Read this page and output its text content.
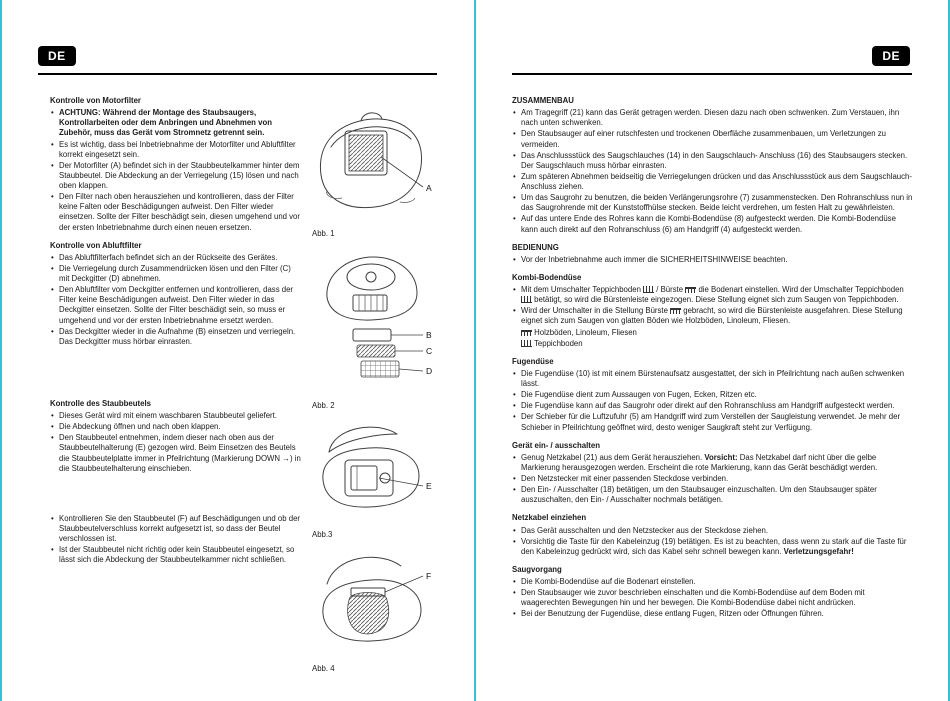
DE
Kontrolle von Motorfilter
• ACHTUNG: Während der Montage des Staubsaugers, Kontrollarbeiten oder dem Anbringen und Abnehmen von Zubehör, muss das Gerät vom Stromnetz getrennt sein.
• Es ist wichtig, dass bei Inbetriebnahme der Motorfilter und Abluftfilter korrekt eingesetzt sein.
• Der Motorfilter (A) befindet sich in der Staubbeutelkammer hinter dem Staubbeutel. Die Abdeckung an der Verriegelung (15) lösen und nach oben klappen.
• Den Filter nach oben herausziehen und kontrollieren, dass der Filter keine Falten oder Beschädigungen aufweist. Den Filter wieder einsetzen. Sollte der Filter beschädigt sein, diesen umgehend und vor der ersten Inbetriebnahme durch einen neuen ersetzen.
Kontrolle von Abluftfilter
• Das Abluftfilterfach befindet sich an der Rückseite des Gerätes.
• Die Verriegelung durch Zusammendrücken lösen und den Filter (C) mit Deckgitter (D) abnehmen.
• Den Abluftfilter vom Deckgitter entfernen und kontrollieren, dass der Filter keine Beschädigungen aufweist. Den Filter wieder in das Deckgitter einsetzen. Sollte der Filter beschädigt sein, so muss er umgehend und vor der ersten Inbetriebnahme ersetzt werden.
• Das Deckgitter wieder in die Aufnahme (B) einsetzen und verriegeln. Das Deckgitter muss hörbar einrasten.
Kontrolle des Staubbeutels
• Dieses Gerät wird mit einem waschbaren Staubbeutel geliefert.
• Die Abdeckung öffnen und nach oben klappen.
• Den Staubbeutel entnehmen, indem dieser nach oben aus der Staubbeutelhalterung (E) gezogen wird. Beim Einsetzen des Beutels die Staubbeutelplatte immer in Pfeilrichtung (Markierung DOWN →) in die Staubbeutelhalterung einschieben.
• Kontrollieren Sie den Staubbeutel (F) auf Beschädigungen und ob der Staubbeutelverschluss korrekt aufgesetzt ist, so dass der Beutel verschlossen ist.
• Ist der Staubbeutel nicht richtig oder kein Staubbeutel eingesetzt, so lässt sich die Abdeckung der Staubbeutelkammer nicht schließen.
A
Abb. 1
B
C
D
Abb. 2
E
Abb.3
F
Abb. 4
DE
ZUSAMMENBAU
• Am Tragegriff (21) kann das Gerät getragen werden. Diesen dazu nach oben schwenken. Zum Verstauen, ihn nach unten schwenken.
• Den Staubsauger auf einer rutschfesten und trockenen Oberfläche zusammenbauen, um Verletzungen zu vermeiden.
• Das Anschlussstück des Saugschlauches (14) in den Saugschlauch- Anschluss (16) des Staubsaugers stecken. Der Saugschlauch muss hörbar einrasten.
• Zum späteren Abnehmen beidseitig die Verriegelungen drücken und das Anschlussstück aus dem Saugschlauch-Anschluss ziehen.
• Um das Saugrohr zu benutzen, die beiden Verlängerungsrohre (7) zusammenstecken. Den Rohranschluss nun in das Saugrohrende mit der Kunststoffhülse stecken. Beide leicht verdrehen, um festen Halt zu gewährleisten.
• Auf das untere Ende des Rohres kann die Kombi-Bodendüse (8) aufgesteckt werden. Die Kombi-Bodendüse kann auch direkt auf den Rohranschluss (6) am Handgriff (4) aufgesteckt werden.
BEDIENUNG
• Vor der Inbetriebnahme auch immer die SICHERHEITSHINWEISE beachten.
Kombi-Bodendüse
• Mit dem Umschalter Teppichboden  / Bürste  die Bodenart einstellen. Wird der Umschalter Teppichboden  betätigt, so wird die Bürstenleiste eingezogen. Diese Stellung eignet sich zum Saugen von Teppichboden.
• Wird der Umschalter in die Stellung Bürste  gebracht, so wird die Bürstenleiste ausgefahren. Diese Stellung eignet sich zum Saugen von glatten Böden wie Holzböden, Linoleum, Fliesen.
Holzböden, Linoleum, Fliesen
Teppichboden
Fugendüse
• Die Fugendüse (10) ist mit einem Bürstenaufsatz ausgestattet, der sich in Pfeilrichtung nach außen schwenken lässt.
• Die Fugendüse dient zum Aussaugen von Fugen, Ecken, Ritzen etc.
• Die Fugendüse kann auf das Saugrohr oder direkt auf den Rohranschluss am Handgriff aufgesteckt werden.
• Der Schieber für die Luftzufuhr (5) am Handgriff wird zum Verstellen der Saugleistung verwendet. Je mehr der Schieber in Pfeilrichtung geöffnet wird, desto weniger Saugkraft steht zur Verfügung.
Gerät ein- / ausschalten
• Genug Netzkabel (21) aus dem Gerät herausziehen. Vorsicht: Das Netzkabel darf nicht über die gelbe Markierung herausgezogen werden. Erscheint die rote Markierung, kann das Gerät beschädigt werden.
• Den Netzstecker mit einer passenden Steckdose verbinden.
• Den Ein- / Ausschalter (18) betätigen, um den Staubsauger einzuschalten. Um den Staubsauger später auszuschalten, den Ein- / Ausschalter nochmals betätigen.
Netzkabel einziehen
• Das Gerät ausschalten und den Netzstecker aus der Steckdose ziehen.
• Vorsichtig die Taste für den Kabeleinzug (19) betätigen. Es ist zu beachten, dass wenn zu stark auf die Taste für den Kabeleinzug gedrückt wird, sich das Kabel sehr schnell bewegen kann. Verletzungsgefahr!
Saugvorgang
• Die Kombi-Bodendüse auf die Bodenart einstellen.
• Den Staubsauger wie zuvor beschrieben einschalten und die Kombi-Bodendüse auf dem Boden mit waagerechten Bewegungen hin und her bewegen. Die Kombi-Bodendüse dabei nicht andrücken.
• Bei der Benutzung der Fugendüse, diese entlang Fugen, Ritzen oder Öffnungen führen.
